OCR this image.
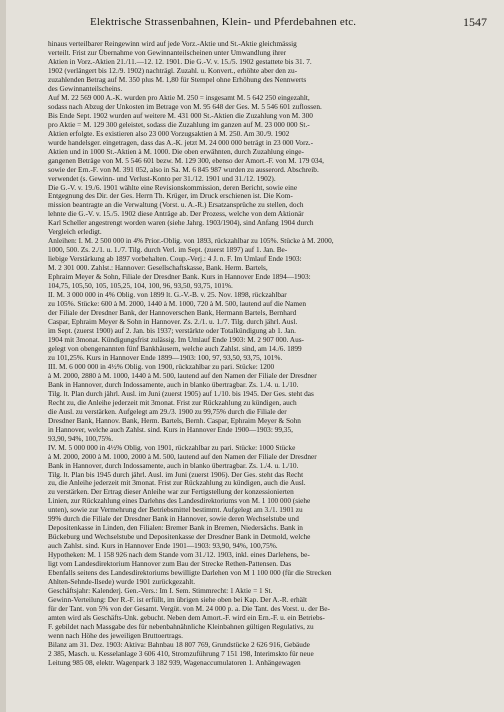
Elektrische Strassenbahnen, Klein- und Pferdebahnen etc.	1547
hinaus verteilbarer Reingewinn wird auf jede Vorz.-Aktie und St.-Aktie gleichmässig
verteilt. Frist zur Übernahme von Gewinnanteilscheinen unter Umwandlung ihrer
Aktien in Vorz.-Aktien 21./11.—12. 12. 1901. Die G.-V. v. 15./5. 1902 gestattete bis 31. 7.
1902 (verlängert bis 12./9. 1902) nachträgl. Zuzahl. u. Konvert., erhöhte aber den zu-
zuzahlenden Betrag auf M. 350 plus M. 1,80 für Stempel ohne Erhöhung des Nennwerts
des Gewinnanteilscheins.
Auf M. 22 569 000 A.-K. wurden pro Aktie M. 250 = insgesamt M. 5 642 250 eingezahlt,
sodass nach Abzug der Unkosten im Betrage von M. 95 648 der Ges. M. 5 546 601 zuflossen.
Bis Ende Sept. 1902 wurden auf weitere M. 431 000 St.-Aktien die Zuzahlung von M. 300
pro Aktie = M. 129 300 geleistet, sodass die Zuzahlung im ganzen auf M. 23 000 000 St.-
Aktien erfolgte. Es existieren also 23 000 Vorzugsaktien à M. 250. Am 30./9. 1902
wurde handelsger. eingetragen, dass das A.-K. jetzt M. 24 000 000 beträgt in 23 000 Vorz.-
Aktien und in 1000 St.-Aktien à M. 1000. Die oben erwähnten, durch Zuzahlung einge-
gangenen Beträge von M. 5 546 601 bezw. M. 129 300, ebenso der Amort.-F. von M. 179 034,
sowie der Ern.-F. von M. 391 052, also in Sa. M. 6 845 987 wurden zu ausserord. Abschreib.
verwendet (s. Gewinn- und Verlust-Konto per 31./12. 1901 und 31./12. 1902).
Die G.-V. v. 19./6. 1901 wählte eine Revisionskommission, deren Bericht, sowie eine
Entgegnung des Dir. der Ges. Herrn Th. Krüger, im Druck erschienen ist. Die Kom-
mission beantragte an die Verwaltung (Vorst. u. A.-R.) Ersatzansprüche zu stellen, doch
lehnte die G.-V. v. 15./5. 1902 diese Anträge ab. Der Prozess, welche von dem Aktionär
Karl Scheller angestrengt worden waren (siehe Jahrg. 1903/1904), sind Anfang 1904 durch
Vergleich erledigt.
Anleihen: I. M. 2 500 000 in 4% Prior.-Oblig. von 1893, rückzahlbar zu 105%. Stücke à M. 2000,
1000, 500. Zs. 2./1. u. 1./7. Tilg. durch Verl. im Sept. (zuerst 1897) auf 1. Jan. Be-
liebige Verstärkung ab 1897 vorbehalten. Coup.-Verj.: 4 J. n. F. Im Umlauf Ende 1903:
M. 2 301 000. Zahlst.: Hannover: Gesellschaftskasse, Bank. Herm. Bartels,
Ephraim Meyer & Sohn, Filiale der Dresdner Bank. Kurs in Hannover Ende 1894—1903:
104,75, 105,50, 105, 105,25, 104, 100, 96, 93,50, 93,75, 101%.
II. M. 3 000 000 in 4% Oblig. von 1899 lt. G.-V.-B. v. 25. Nov. 1898, rückzahlbar
zu 105%. Stücke: 600 à M. 2000, 1440 à M. 1000, 720 à M. 500, lautend auf die Namen
der Filiale der Dresdner Bank, der Hannoverschen Bank, Hermann Bartels, Bernhard
Caspar, Ephraim Meyer & Sohn in Hannover. Zs. 2./1. u. 1./7. Tilg. durch jährl. Ausl.
im Sept. (zuerst 1900) auf 2. Jan. bis 1937; verstärkte oder Totalkündigung ab 1. Jan.
1904 mit 3monat. Kündigungsfrist zulässig. Im Umlauf Ende 1903: M. 2 907 000. Aus-
gelegt von obengenannten fünf Bankhäusern, welche auch Zahlst. sind, am 14./6. 1899
zu 101,25%. Kurs in Hannover Ende 1899—1903: 100, 97, 93,50, 93,75, 101%.
III. M. 6 000 000 in 4½% Oblig. von 1900, rückzahlbar zu pari. Stücke: 1200
à M. 2000, 2880 à M. 1000, 1440 à M. 500, lautend auf den Namen der Filiale der Dresdner
Bank in Hannover, durch Indossamente, auch in blanko übertragbar. Zs. 1./4. u. 1./10.
Tilg. lt. Plan durch jährl. Ausl. im Juni (zuerst 1905) auf 1./10. bis 1945. Der Ges. steht das
Recht zu, die Anleihe jederzeit mit 3monat. Frist zur Rückzahlung zu kündigen, auch
die Ausl. zu verstärken. Aufgelegt am 29./3. 1900 zu 99,75% durch die Filiale der
Dresdner Bank, Hannov. Bank, Herm. Bartels, Bernh. Caspar, Ephraim Meyer & Sohn
in Hannover, welche auch Zahlst. sind. Kurs in Hannover Ende 1900—1903: 99,35,
93,90, 94%, 100,75%.
IV. M. 5 000 000 in 4½% Oblig. von 1901, rückzahlbar zu pari. Stücke: 1000 Stücke
à M. 2000, 2000 à M. 1000, 2000 à M. 500, lautend auf den Namen der Filiale der Dresdner
Bank in Hannover, durch Indossamente, auch in blanko übertragbar. Zs. 1./4. u. 1./10.
Tilg. lt. Plan bis 1945 durch jährl. Ausl. im Juni (zuerst 1906). Der Ges. steht das Recht
zu, die Anleihe jederzeit mit 3monat. Frist zur Rückzahlung zu kündigen, auch die Ausl.
zu verstärken. Der Ertrag dieser Anleihe war zur Fertigstellung der konzessionierten
Linien, zur Rückzahlung eines Darlehns des Landesdirektoriums von M. 1 100 000 (siehe
unten), sowie zur Vermehrung der Betriebsmittel bestimmt. Aufgelegt am 3./1. 1901 zu
99% durch die Filiale der Dresdner Bank in Hannover, sowie deren Wechselstube und
Depositenkasse in Linden, den Filialen: Bremer Bank in Bremen, Niedersächs. Bank in
Bückeburg und Wechselstube und Depositenkasse der Dresdner Bank in Detmold, welche
auch Zahlst. sind. Kurs in Hannover Ende 1901—1903: 93,90, 94%, 100,75%.
Hypotheken: M. 1 158 926 nach dem Stande vom 31./12. 1903, inkl. eines Darlehens, be-
ligt vom Landesdirektorium Hannover zum Bau der Strecke Rethen-Pattensen. Das
Ebenfalls seitens des Landesdirektoriums bewilligte Darlehen von M 1 100 000 (für die Strecken
Ahlten-Sehnde-Ilsede) wurde 1901 zurückgezahlt.
Geschäftsjahr: Kalenderj. Gen.-Vers.: Im I. Sem. Stimmrecht: 1 Aktie = 1 St.
Gewinn-Verteilung: Der R.-F. ist erfüllt, im übrigen siehe oben bei Kap. Der A.-R. erhält
für der Tant. von 5% von der Gesamt. Vergüt. von M. 24 000 p. a. Die Tant. des Vorst. u. der Be-
amten wird als Geschäfts-Unk. gebucht. Neben dem Amort.-F. wird ein Ern.-F. u. ein Betriebs-
F. gebildet nach Massgabe des für nebenbahnähnliche Kleinbahnen gültigen Regulativs, zu
wenn nach Höhe des jeweiligen Bruttoertrags.
Bilanz am 31. Dez. 1903: Aktiva: Bahnbau 18 807 769, Grundstücke 2 626 916, Gebäude
2 385, Masch. u. Kesselanlage 3 606 410, Stromzuführung 7 151 198, Interimskto für neue
Leitung 985 08, elektr. Wagenpark 3 182 939, Wagenaccumulatoren 1. Anhängewagen
